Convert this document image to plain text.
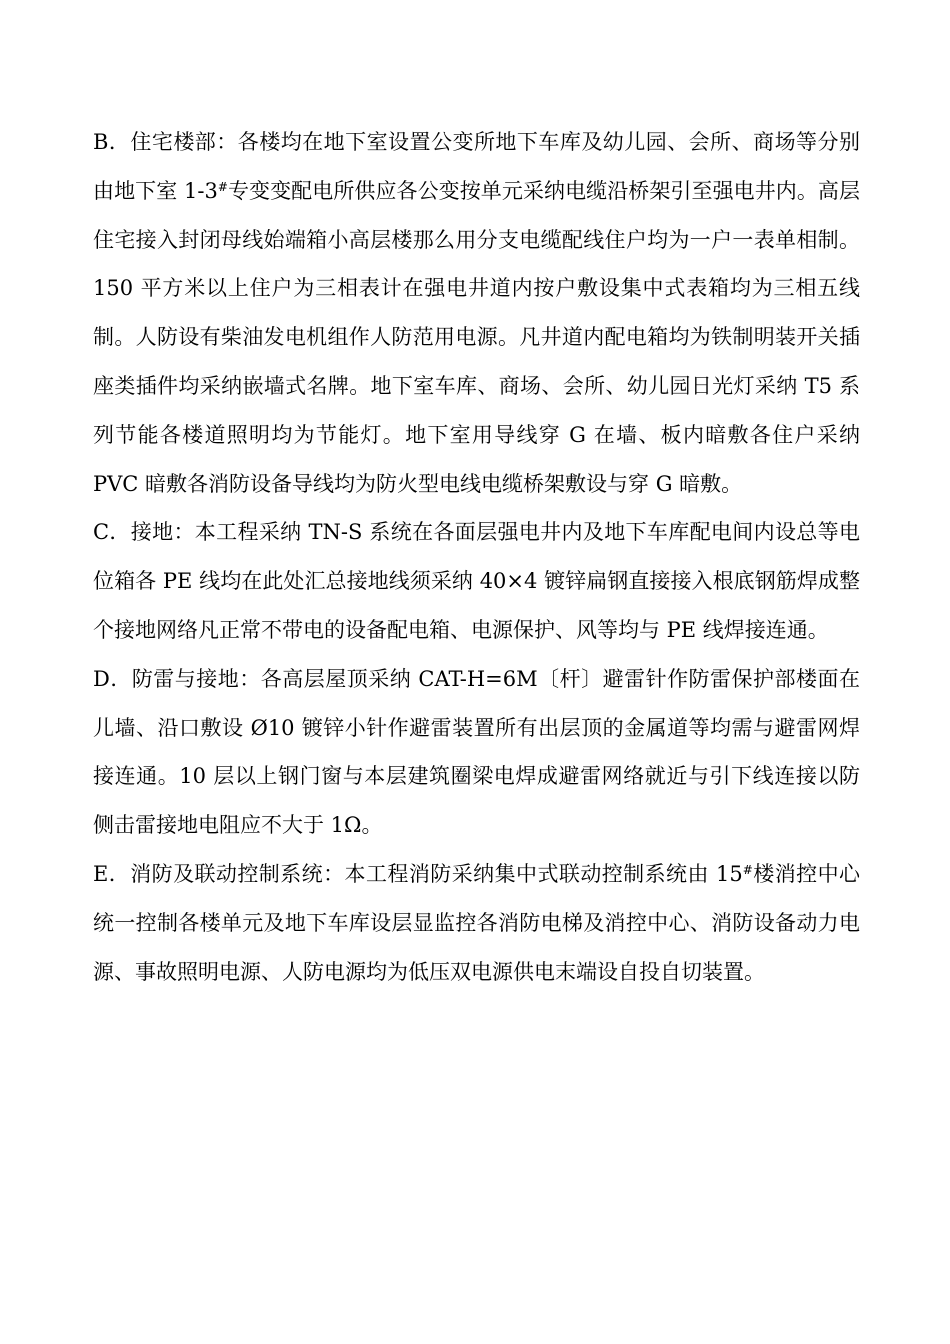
B．住宅楼部：各楼均在地下室设置公变所地下车库及幼儿园、会所、商场等分别由地下室 1-3#专变变配电所供应各公变按单元采纳电缆沿桥架引至强电井内。高层住宅接入封闭母线始端箱小高层楼那么用分支电缆配线住户均为一户一表单相制。150 平方米以上住户为三相表计在强电井道内按户敷设集中式表箱均为三相五线制。人防设有柴油发电机组作人防范用电源。凡井道内配电箱均为铁制明装开关插座类插件均采纳嵌墙式名牌。地下室车库、商场、会所、幼儿园日光灯采纳 T5 系列节能各楼道照明均为节能灯。地下室用导线穿 G 在墙、板内暗敷各住户采纳 PVC 暗敷各消防设备导线均为防火型电线电缆桥架敷设与穿 G 暗敷。

C．接地：本工程采纳 TN-S 系统在各面层强电井内及地下车库配电间内设总等电位箱各 PE 线均在此处汇总接地线须采纳 40×4 镀锌扁钢直接接入根底钢筋焊成整个接地网络凡正常不带电的设备配电箱、电源保护、风等均与 PE 线焊接连通。

D．防雷与接地：各高层屋顶采纳 CAT-H=6M〔杆〕避雷针作防雷保护部楼面在儿墙、沿口敷设 Ø10 镀锌小针作避雷装置所有出层顶的金属道等均需与避雷网焊接连通。10 层以上钢门窗与本层建筑圈梁电焊成避雷网络就近与引下线连接以防侧击雷接地电阻应不大于 1Ω。

E．消防及联动控制系统：本工程消防采纳集中式联动控制系统由 15#楼消控中心统一控制各楼单元及地下车库设层显监控各消防电梯及消控中心、消防设备动力电源、事故照明电源、人防电源均为低压双电源供电末端设自投自切装置。
